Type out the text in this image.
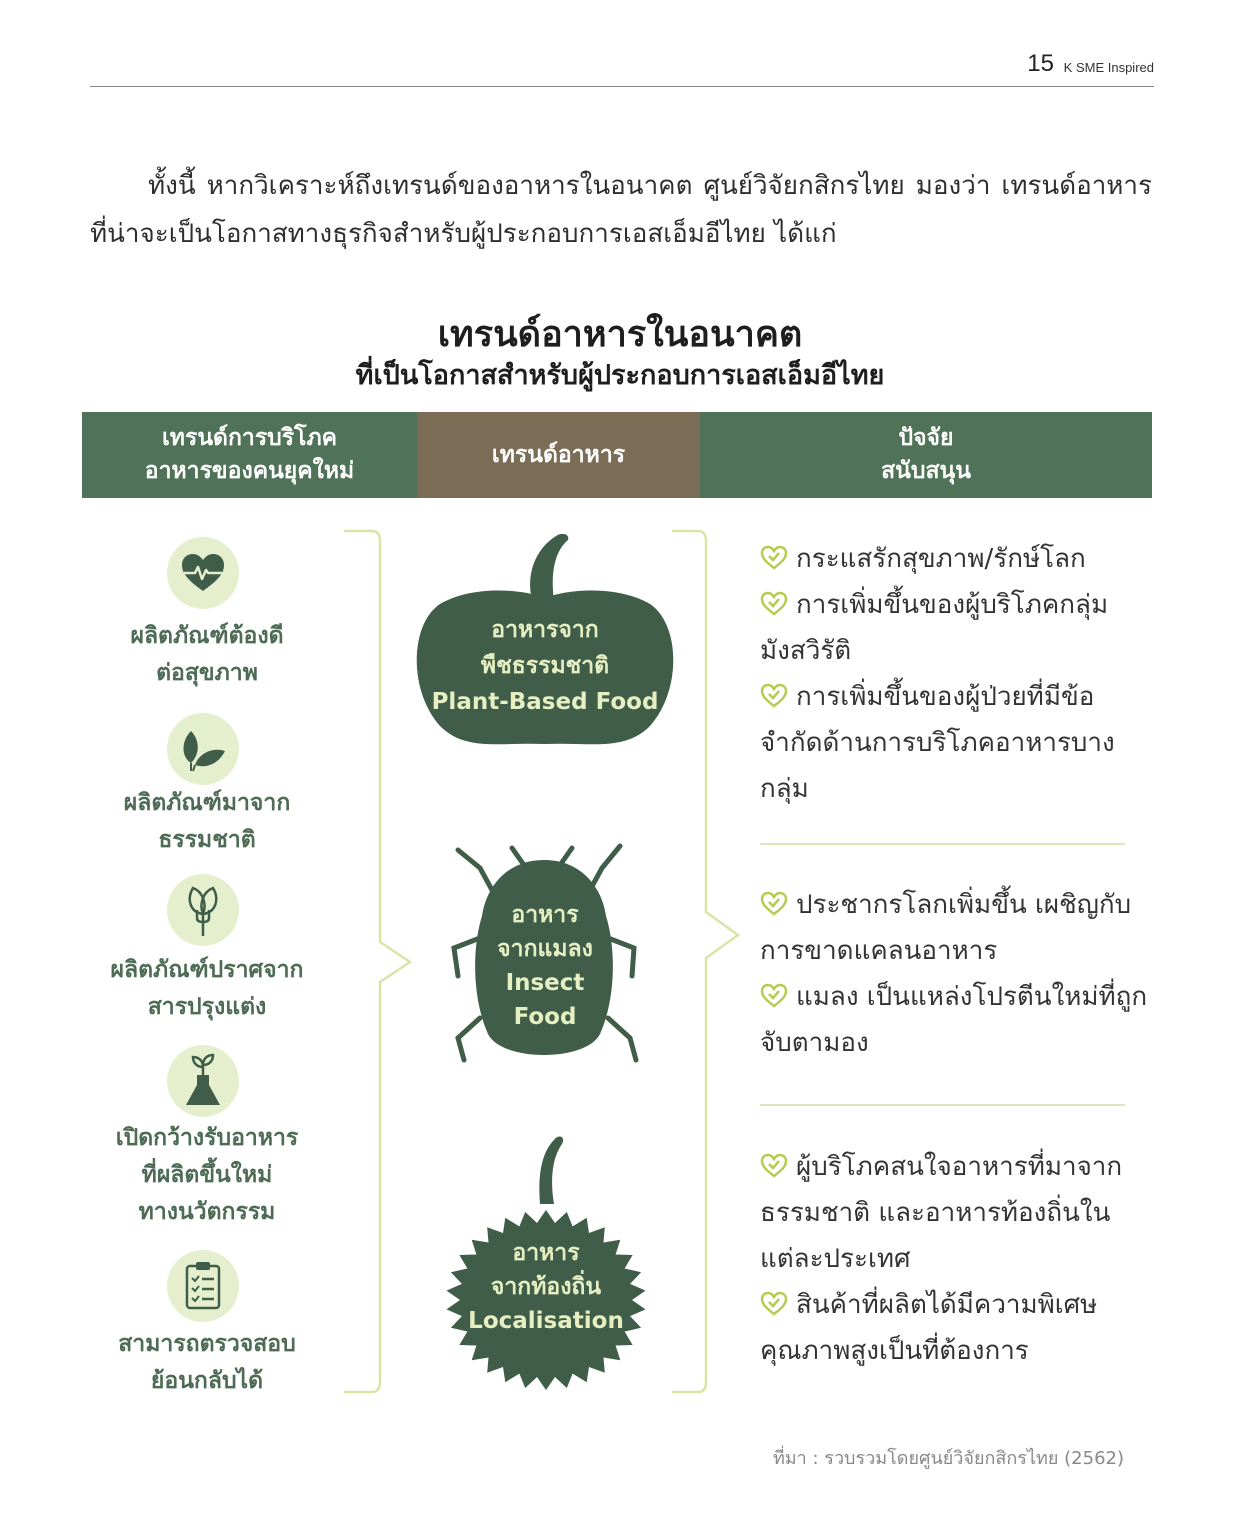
15 K SME Inspired

ทั้งนี้ หากวิเคราะห์ถึงเทรนด์ของอาหารในอนาคต ศูนย์วิจัยกสิกรไทย มองว่า เทรนด์อาหารที่น่าจะเป็นโอกาสทางธุรกิจสำหรับผู้ประกอบการเอสเอ็มอีไทย ได้แก่

เทรนด์อาหารในอนาคต
ที่เป็นโอกาสสำหรับผู้ประกอบการเอสเอ็มอีไทย
เทรนด์การบริโภค
อาหารของคนยุคใหม่
เทรนด์อาหาร
ปัจจัย
สนับสนุน
ผลิตภัณฑ์ต้องดี
ต่อสุขภาพ
ผลิตภัณฑ์มาจาก
ธรรมชาติ
ผลิตภัณฑ์ปราศจาก
สารปรุงแต่ง
เปิดกว้างรับอาหาร
ที่ผลิตขึ้นใหม่
ทางนวัตกรรม
สามารถตรวจสอบ
ย้อนกลับได้
อาหารจาก
พืชธรรมชาติ
Plant-Based Food
อาหาร
จากแมลง
Insect
Food
อาหาร
จากท้องถิ่น
Localisation

กระแสรักสุขภาพ/รักษ์โลก

การเพิ่มขึ้นของผู้บริโภคกลุ่มมังสวิรัติ

การเพิ่มขึ้นของผู้ป่วยที่มีข้อจำกัดด้านการบริโภคอาหารบางกลุ่ม

ประชากรโลกเพิ่มขึ้น เผชิญกับการขาดแคลนอาหาร

แมลง เป็นแหล่งโปรตีนใหม่ที่ถูกจับตามอง

ผู้บริโภคสนใจอาหารที่มาจากธรรมชาติ และอาหารท้องถิ่นในแต่ละประเทศ

สินค้าที่ผลิตได้มีความพิเศษคุณภาพสูงเป็นที่ต้องการ

ที่มา : รวบรวมโดยศูนย์วิจัยกสิกรไทย (2562)
